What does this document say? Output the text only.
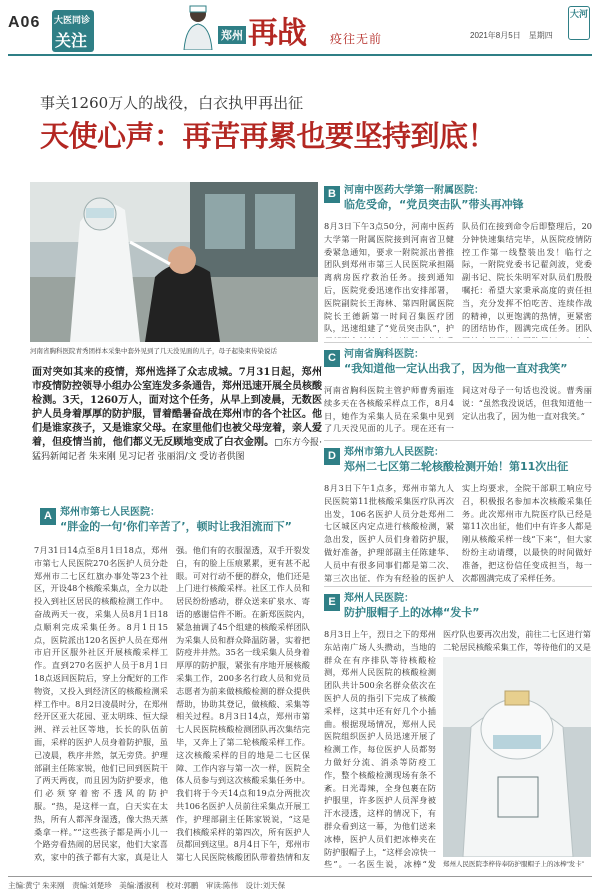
A06 大医同诊
关注	郑州 再战 疫往无前	2021年8月5日　星期四
大河
事关1260万人的战役，白衣执甲再出征
天使心声：再苦再累也要坚持到底！
河南省胸科医院青秀团样本采集中套外见到了几天没见面的儿子，母子起染束传染说话
面对突如其来的疫情，郑州选择了众志成城。7月31日起，郑州市疫情防控领导小组办公室连发多条通告，郑州迅速开展全员核酸检测。3天，1260万人，面对这个任务，从早上到凌晨，无数医护人员身着厚厚的防护服，冒着酷暑奋战在郑州市的各个社区。他们是谁家孩子，又是谁家父母。在家里他们也被父母宠着，亲人爱着，但疫情当前，他们都义无反顾地变成了白衣金刚。□东方今报·猛犸新闻记者 朱来刚 见习记者 张丽涓/文 受访者供图
A 郑州市第七人民医院：
“胖金的一句‘你们辛苦了’，顿时让我泪流而下”
7月31日14点至8月1日18点，郑州市第七人民医院270名医护人员分赴郑州市二七区红旗办事处等23个社区，开设48个核酸采集点，全力以赴投入到社区居民的核酸检测工作中。奋战两天一夜，采集人员8月1日18点顺利完成采集任务。8月1日15点，医院派出120名医护人员在郑州市启开区服外社区开展核酸采样工作。直到270名医护人员于8月1日18点返回医院后，穿上分配好的工作物资，又投入到经济区的核酸检测采样工作中。8月2日凌晨时分，在郑州经开区亚大花园、亚太明珠、恒大绿洲、祥云社区等地，长长的队伍前面，采样的医护人员身着防护服，虽已凌晨，秩序井然，氛无旁贷。护理部副主任陈家锐，他们已回到医院干了两天两夜，而且因为防护要求，他们必须穿着密不透风的防护服。“热，是这样一直，白天实在太热，所有人都浑身湿透，像大热天蒸桑拿一样。”“这些孩子都是两小儿一个路旁看热闹的居民家，他们大家喜欢，家中的孩子都有大家，真是让人
强。他们有的衣服湿透，双手开裂发白，有的脸上压痕累累，更有甚不起眼。可对行动不便的群众，他们还是上门进行核酸采样。社区工作人员和居民纷纷感动，群众送来矿泉水、寄语的感谢信件不断。在新郑医院内，紧急抽调了45个组建的核酸采样团队为采集人员和群众降温防暑，实着把防疫井井然。35名一线采集人员身着厚厚的防护服，紧张有序地开展核酸采集工作，200多名行政人员和党员志愿者为前来做核酸检测的群众提供帮助，协助其登记，做核酸、采集等相关过程。8月3日14点，郑州市第七人民医院核酸检测团队再次集结完毕，又奔上了第二轮核酸采样工作。这次核酸采样的目的地是二七区保障、工作内容与第一次一样，医院全体人员参与到这次核酸采集任务中。我们将于今天14点和19点分两批次共106名医护人员前往采集点开展工作，护理部副主任陈家锐说，“这是我们核酸采样的第四次，所有医护人员都回到这里。8月4日下午，郑州市第七人民医院核酸团队带着热情和友
B 河南中医药大学第一附属医院：
临危受命，“党员突击队”带头再冲锋
8月3日下午3点50分，河南中医药大学第一附属医院接到河南省卫健委紧急通知，要求一附院派出普推团队到郑州市第三人民医院承担隔离病房医疗救治任务。接到通知后，医院党委迅速作出安排部署，医院副院长王海林、第四附属医院院长王德新第一时间召集医疗团队，迅速组建了“党员突击队”，护
队员们在接到命令后即整理后，20分钟快速集结完毕，从医院疫情防控工作第一线整装出发！临行之际，一附院党委书记翟剑波，党委副书记、院长朱明军对队员们殷殷嘱托：希望大家秉承高度的责任担当，充分发挥不怕吃苦、连续作战的精神，以更饱满的热情，更紧密的团结协作，圆满完成任务。团队
C 河南省胸科医院：
“我知道他一定认出我了，因为他一直对我笑”
河南省胸科医院主管护师曹秀丽连续多天在各核酸采样点工作，8月4日，她作为采集人员在采集中见到了几天没见面的儿子。现在还有一
间这对母子一句话也没说。曹秀丽说：“虽然我没说话，但我知道他一定认出我了，因为他一直对我笑。”
D 郑州市第九人民医院：
郑州二七区第二轮核酸检测开始！第11次出征
8月3日下午1点多，郑州市第九人民医院第11批核酸采集医疗队再次出发，106名医护人员分赴郑州二七区城区内定点进行核酸检测，紧急出发，医护人员们身着防护服，做好准备，护理部副主任陈建华、人员中有很多同事们都是第二次、第三次出征，作为有经验的医护人
实上均要求，全院干部职工响应号召，积极报名参加本次核酸采集任务。此次郑州市九院医疗队已经是第11次出征，他们中有许多人都是刚从核酸采样一线“下来”，但大家纷纷主动请缨，以最快的时间做好准备，把这份信任变成担当，每一次都圆满完成了采样任务。
E 郑州人民医院：
防护服帽子上的冰棒“发卡”
8月3日上午，烈日之下的郑州东站南广场人头攒动，当地的群众在有序排队等待核酸检测，郑州人民医院的核酸检测团队共计500余名群众依次在医护人员的指引下完成了核酸采样，这其中还有好几个小插曲。根据现场情况，郑州人民医院组织医护人员迅速开展了检测工作，每位医护人员都努力做好分流、消杀等防疫工作，整个核酸检测现场有条不紊。日光毒辣，全身包裹在防护服里，许多医护人员浑身被汗水浸透，这样的情况下，有群众看到这一幕，为他们送来冰棒，医护人员们把冰棒夹在防护服帽子上，“这样会凉快一些”。一名医生说，冰棒“发
医疗队也要再次出发，前往二七区进行第二轮居民核酸采集工作，等待他们的又是
郑州人民医院李梓侍奉防护服帽子上的冰棒“发卡”
主编:黄宁 朱来刚　责编:刘楚珍　美编:潘淑利　校对:郭鹏　审读:陈伟　设计:刘天保
